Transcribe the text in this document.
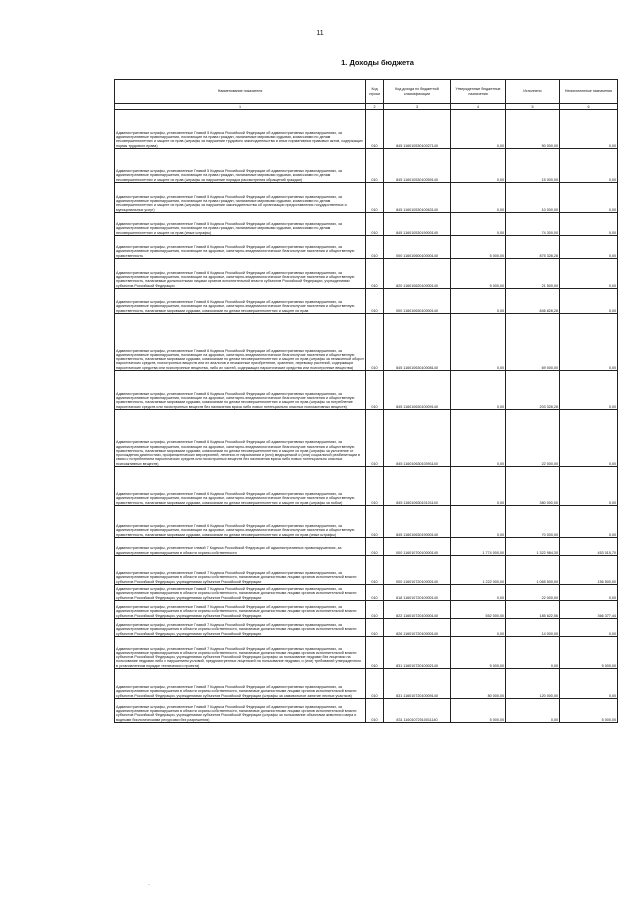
11
1. Доходы бюджета
Наименование показателя	Код строки	Код дохода по бюджетной классификации	Утвержденные бюджетные назначения	Исполнено	Неисполненные назначения
1	2	3	4	5	6
Административные штрафы, установленные Главой 5 Кодекса Российской Федерации об административных правонарушениях, за административные правонарушения, посягающие на права граждан, налагаемые мировыми судьями, комиссиями по делам несовершеннолетних и защите их прав (штрафы за нарушение трудового законодательства и иных нормативных правовых актов, содержащих нормы трудового права)	010	845 11601053010027140	0,00	50 000,00	0,00
Административные штрафы, установленные Главой 5 Кодекса Российской Федерации об административных правонарушениях, за административные правонарушения, посягающие на права граждан, налагаемые мировыми судьями, комиссиями по делам несовершеннолетних и защите их прав (штрафы за нарушение порядка рассмотрения обращений граждан)	010	845 11601053010059140	0,00	15 000,00	0,00
Административные штрафы, установленные Главой 5 Кодекса Российской Федерации об административных правонарушениях, за административные правонарушения, посягающие на права граждан, налагаемые мировыми судьями, комиссиями по делам несовершеннолетних и защите их прав (штрафы за нарушение законодательства об организации предоставления государственных и муниципальных услуг)	010	845 11601053010063140	0,00	10 000,00	0,00
Административные штрафы, установленные Главой 5 Кодекса Российской Федерации об административных правонарушениях, за административные правонарушения, посягающие на права граждан, налагаемые мировыми судьями, комиссиями по делам несовершеннолетних и защите их прав (иные штрафы)	010	845 11601053019000140	0,00	74 300,00	0,00
Административные штрафы, установленные Главой 6 Кодекса Российской Федерации об административных правонарушениях, за административные правонарушения, посягающие на здоровье, санитарно-эпидемиологическое благополучие населения и общественную нравственность	010	000 11601060010000140	5 000,00	875 328,28	0,00
Административные штрафы, установленные Главой 6 Кодекса Российской Федерации об административных правонарушениях, за административные правонарушения, посягающие на здоровье, санитарно-эпидемиологическое благополучие населения и общественную нравственность, налагаемые должностными лицами органов исполнительной власти субъектов Российской Федерации, учреждениями субъектов Российской Федерации	010	820 11601062010000140	5 000,00	21 500,00	0,00
Административные штрафы, установленные Главой 6 Кодекса Российской Федерации об административных правонарушениях, за административные правонарушения, посягающие на здоровье, санитарно-эпидемиологическое благополучие населения и общественную нравственность, налагаемые мировыми судьями, комиссиями по делам несовершеннолетних и защите их прав	010	000 11601063010000140	0,00	846 828,28	0,00
Административные штрафы, установленные Главой 6 Кодекса Российской Федерации об административных правонарушениях, за административные правонарушения, посягающие на здоровье, санитарно-эпидемиологическое благополучие населения и общественную нравственность, налагаемые мировыми судьями, комиссиями по делам несовершеннолетних и защите их прав (штрафы за незаконный оборот наркотических средств, психотропных веществ или их аналогов и незаконные приобретение, хранение, перевозку растений, содержащих наркотические средства или психотропные вещества, либо их частей, содержащих наркотические средства или психотропные вещества)	010	845 11601063010008140	0,00	69 000,00	0,00
Административные штрафы, установленные Главой 6 Кодекса Российской Федерации об административных правонарушениях, за административные правонарушения, посягающие на здоровье, санитарно-эпидемиологическое благополучие населения и общественную нравственность, налагаемые мировыми судьями, комиссиями по делам несовершеннолетних и защите их прав (штрафы за потребление наркотических средств или психотропных веществ без назначения врача либо новых потенциально опасных психоактивных веществ)	010	845 11601063010009140	0,00	203 328,28	0,00
Административные штрафы, установленные Главой 6 Кодекса Российской Федерации об административных правонарушениях, за административные правонарушения, посягающие на здоровье, санитарно-эпидемиологическое благополучие населения и общественную нравственность, налагаемые мировыми судьями, комиссиями по делам несовершеннолетних и защите их прав (штрафы за уклонение от прохождения диагностики, профилактических мероприятий, лечения от наркомании и (или) медицинской и (или) социальной реабилитации в связи с потреблением наркотических средств или психотропных веществ без назначения врача либо новых потенциально опасных психоактивных веществ)	010	845 11601063010091140	0,00	22 000,00	0,00
Административные штрафы, установленные Главой 6 Кодекса Российской Федерации об административных правонарушениях, за административные правонарушения, посягающие на здоровье, санитарно-эпидемиологическое благополучие населения и общественную нравственность, налагаемые мировыми судьями, комиссиями по делам несовершеннолетних и защите их прав (штрафы за побои)	010	845 11601063010101140	0,00	380 000,00	0,00
Административные штрафы, установленные Главой 6 Кодекса Российской Федерации об административных правонарушениях, за административные правонарушения, посягающие на здоровье, санитарно-эпидемиологическое благополучие населения и общественную нравственность, налагаемые мировыми судьями, комиссиями по делам несовершеннолетних и защите их прав (иные штрафы)	010	845 11601063019000140	0,00	70 000,00	0,00
Административные штрафы, установленные главой 7 Кодекса Российской Федерации об административных правонарушениях, за административные правонарушения в области охраны собственности	010	000 11601070010000140	1 774 000,00	1 322 984,30	453 015,70
Административные штрафы, установленные Главой 7 Кодекса Российской Федерации об административных правонарушениях, за административные правонарушения в области охраны собственности, налагаемые должностными лицами органов исполнительной власти субъектов Российской Федерации, учреждениями субъектов Российской Федерации	010	000 11601072010000140	1 222 000,00	1 065 500,00	156 500,00
Административные штрафы, установленные Главой 7 Кодекса Российской Федерации об административных правонарушениях, за административные правонарушения в области охраны собственности, налагаемые должностными лицами органов исполнительной власти субъектов Российской Федерации, учреждениями субъектов Российской Федерации	010	818 11601072010000140	0,00	22 000,00	0,00
Административные штрафы, установленные Главой 7 Кодекса Российской Федерации об административных правонарушениях, за административные правонарушения в области охраны собственности, налагаемые должностными лицами органов исполнительной власти субъектов Российской Федерации, учреждениями субъектов Российской Федерации	010	822 11601072010000140	552 000,00	185 622,56	366 377,44
Административные штрафы, установленные Главой 7 Кодекса Российской Федерации об административных правонарушениях, за административные правонарушения в области охраны собственности, налагаемые должностными лицами органов исполнительной власти субъектов Российской Федерации, учреждениями субъектов Российской Федерации	010	826 11601072010000140	0,00	14 000,00	0,00
Административные штрафы, установленные Главой 7 Кодекса Российской Федерации об административных правонарушениях, за административные правонарушения в области охраны собственности, налагаемые должностными лицами органов исполнительной власти субъектов Российской Федерации, учреждениями субъектов Российской Федерации (штрафы за пользование недрами без лицензии на пользование недрами либо с нарушением условий, предусмотренных лицензией на пользование недрами, и (или) требований утвержденного в установленном порядке технического проекта)	010	831 11601072010002140	5 000,00	0,00	5 000,00
Административные штрафы, установленные Главой 7 Кодекса Российской Федерации об административных правонарушениях, за административные правонарушения в области охраны собственности, налагаемые должностными лицами органов исполнительной власти субъектов Российской Федерации, учреждениями субъектов Российской Федерации (штрафы за самовольное занятие лесных участков)	010	831 11601072010009140	80 000,00	120 000,00	0,00
Административные штрафы, установленные Главой 7 Кодекса Российской Федерации об административных правонарушениях, за административные правонарушения в области охраны собственности, налагаемые должностными лицами органов исполнительной власти субъектов Российской Федерации, учреждениями субъектов Российской Федерации (штрафы за пользование объектами животного мира и водными биологическими ресурсами без разрешения)	010	831 11601072010011140	5 000,00	0,00	5 000,00
·
